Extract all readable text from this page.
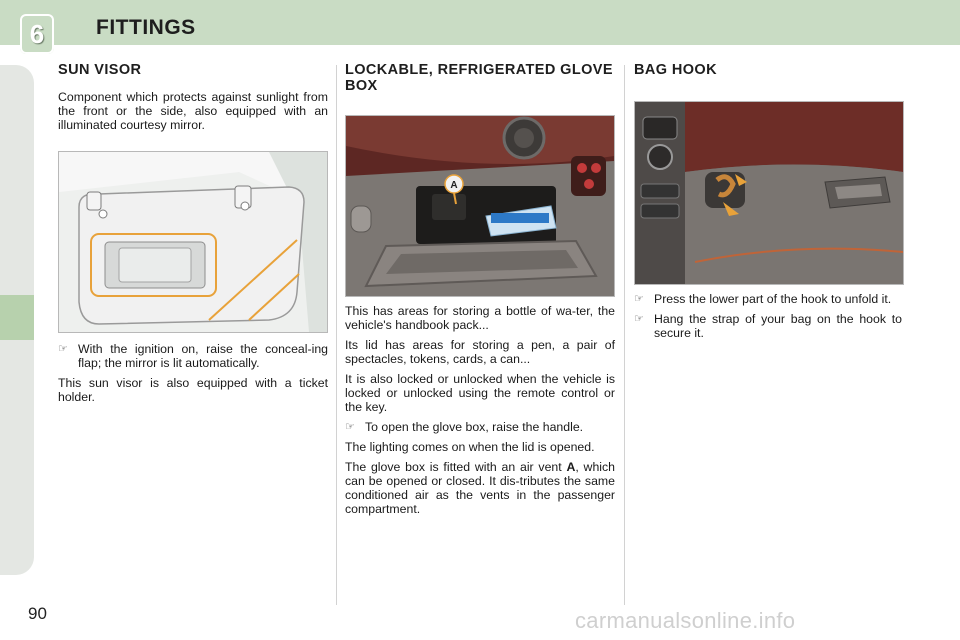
6	FITTINGS
SUN VISOR

Component which protects against sunlight from the front or the side, also equipped with an illuminated courtesy mirror.

☞ With the ignition on, raise the conceal-ing flap; the mirror is lit automatically.

This sun visor is also equipped with a ticket holder.

LOCKABLE, REFRIGERATED GLOVE BOX
A

This has areas for storing a bottle of wa-ter, the vehicle's handbook pack...

Its lid has areas for storing a pen, a pair of spectacles, tokens, cards, a can...

It is also locked or unlocked when the vehicle is locked or unlocked using the remote control or the key.

☞ To open the glove box, raise the handle.

The lighting comes on when the lid is opened.

The glove box is fitted with an air vent A, which can be opened or closed. It dis-tributes the same conditioned air as the vents in the passenger compartment.

BAG HOOK
☞ Press the lower part of the hook to unfold it.
☞ Hang the strap of your bag on the hook to secure it.
90	carmanualsonline.info
